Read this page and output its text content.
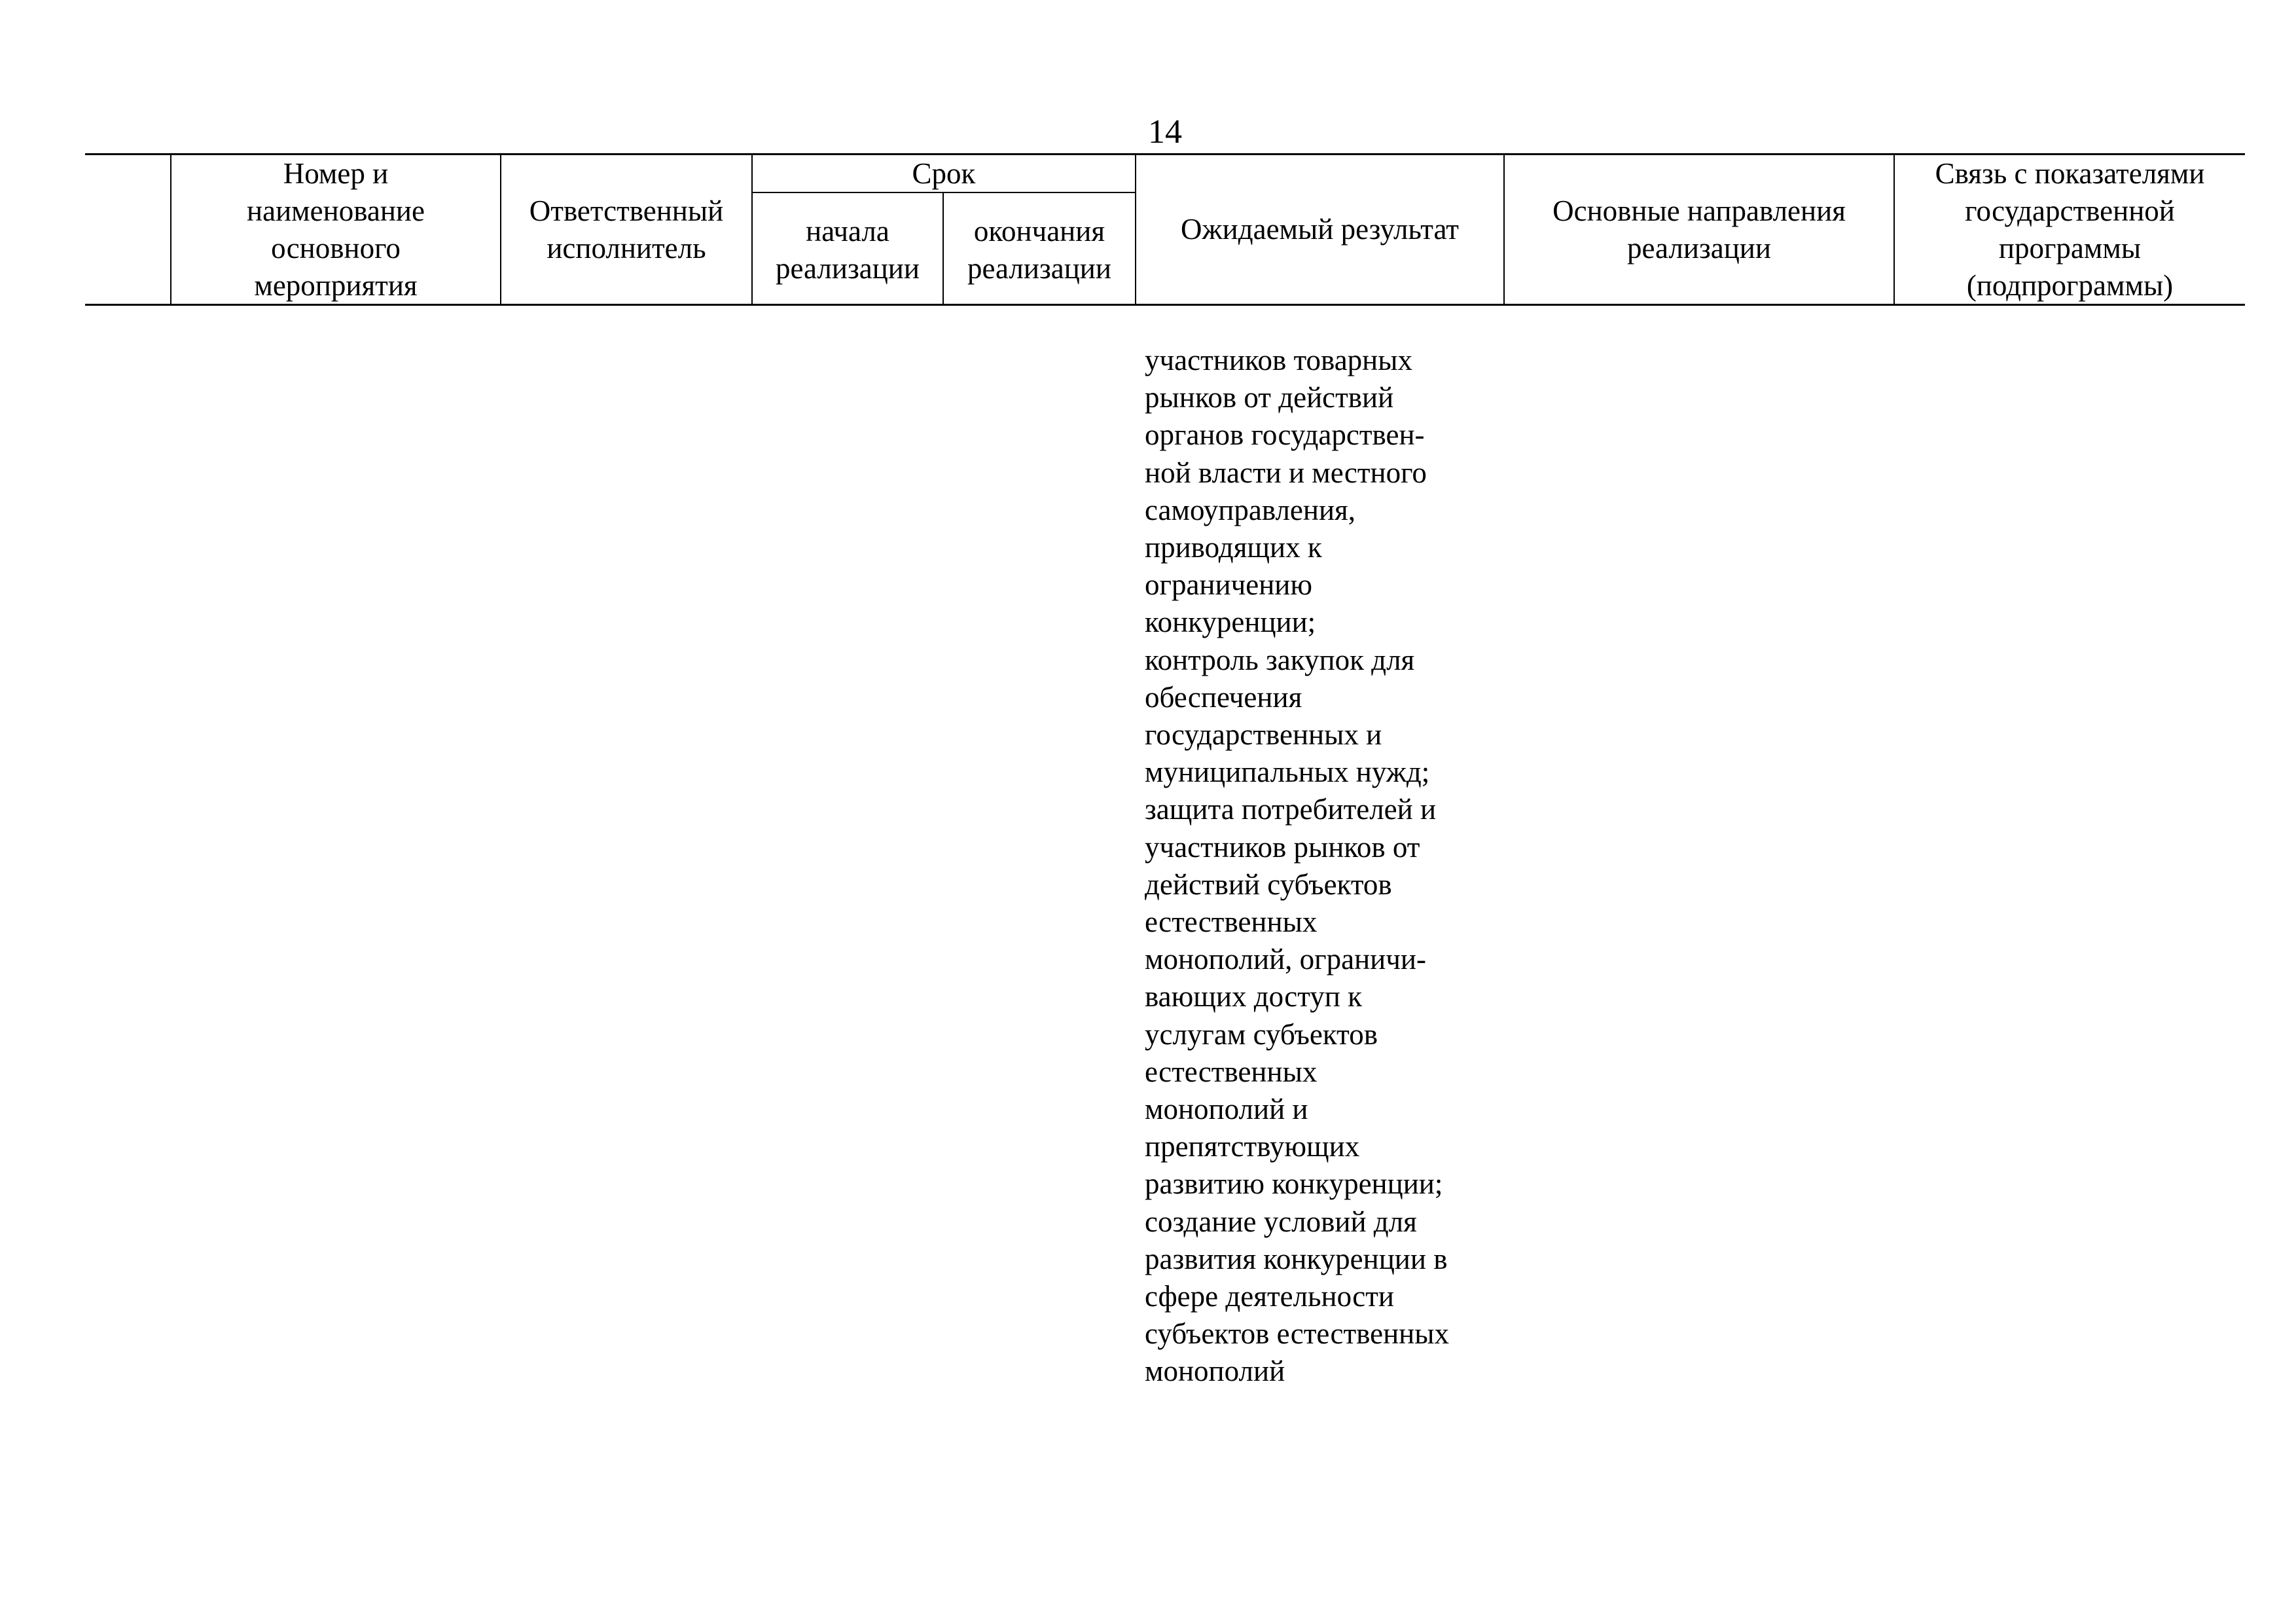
14
Номер и
наименование
основного
мероприятия
Ответственный
исполнитель
Срок
начала
реализации
окончания
реализации
Ожидаемый результат
Основные направления
реализации
Связь с показателями
государственной
программы
(подпрограммы)
участников товарных
рынков от действий
органов государствен-
ной власти и местного
самоуправления,
приводящих к
ограничению
конкуренции;
контроль закупок для
обеспечения
государственных и
муниципальных нужд;
защита потребителей и
участников рынков от
действий субъектов
естественных
монополий, ограничи-
вающих доступ к
услугам субъектов
естественных
монополий и
препятствующих
развитию конкуренции;
создание условий для
развития конкуренции в
сфере деятельности
субъектов естественных
монополий
